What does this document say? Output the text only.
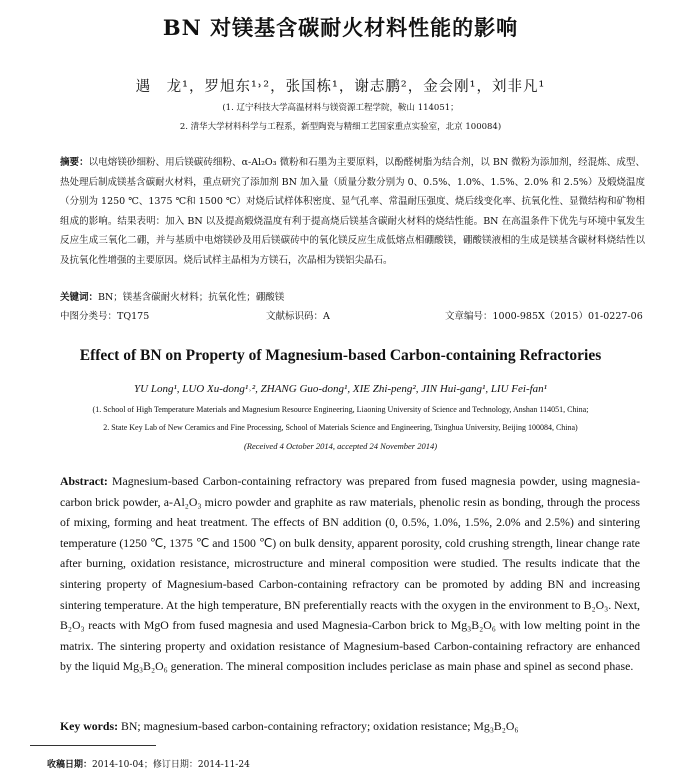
BN 对镁基含碳耐火材料性能的影响
遇　龙¹，罗旭东¹˒²，张国栋¹，谢志鹏²，金会刚¹，刘非凡¹
(1. 辽宁科技大学高温材料与镁资源工程学院，鞍山 114051；
2. 清华大学材料科学与工程系，新型陶瓷与精细工艺国家重点实验室，北京 100084)
摘要：以电熔镁砂细粉、用后镁碳砖细粉、α-Al₂O₃ 微粉和石墨为主要原料，以酚醛树脂为结合剂，以 BN 微粉为添加剂，经混炼、成型、热处理后制成镁基含碳耐火材料，重点研究了添加剂 BN 加入量（质量分数分别为 0、0.5%、1.0%、1.5%、2.0% 和 2.5%）及煅烧温度（分别为 1250 ℃、1375 ℃和 1500 ℃）对烧后试样体积密度、显气孔率、常温耐压强度、烧后线变化率、抗氧化性、显微结构和矿物相组成的影响。结果表明：加入 BN 以及提高煅烧温度有利于提高烧后镁基含碳耐火材料的烧结性能。BN 在高温条件下优先与环境中氧发生反应生成三氧化二硼，并与基质中电熔镁砂及用后镁碳砖中的氧化镁反应生成低熔点相硼酸镁，硼酸镁液相的生成是镁基含碳材料烧结性以及抗氧化性增强的主要原因。烧后试样主晶相为方镁石，次晶相为镁铝尖晶石。
关键词：BN；镁基含碳耐火材料；抗氧化性；硼酸镁
中图分类号：TQ175	文献标识码：A	文章编号：1000-985X（2015）01-0227-06
Effect of BN on Property of Magnesium-based Carbon-containing Refractories
YU Long¹, LUO Xu-dong¹˒², ZHANG Guo-dong¹, XIE Zhi-peng², JIN Hui-gang¹, LIU Fei-fan¹
(1. School of High Temperature Materials and Magnesium Resource Engineering, Liaoning University of Science and Technology, Anshan 114051, China;
2. State Key Lab of New Ceramics and Fine Processing, School of Materials Science and Engineering, Tsinghua University, Beijing 100084, China)
(Received 4 October 2014, accepted 24 November 2014)
Abstract: Magnesium-based Carbon-containing refractory was prepared from fused magnesia powder, using magnesia-carbon brick powder, a-Al₂O₃ micro powder and graphite as raw materials, phenolic resin as bonding, through the process of mixing, forming and heat treatment. The effects of BN addition (0, 0.5%, 1.0%, 1.5%, 2.0% and 2.5%) and sintering temperature (1250 ℃, 1375 ℃ and 1500 ℃) on bulk density, apparent porosity, cold crushing strength, linear change rate after burning, oxidation resistance, microstructure and mineral composition were studied. The results indicate that the sintering property of Magnesium-based Carbon-containing refractory can be promoted by adding BN and increasing sintering temperature. At the high temperature, BN preferentially reacts with the oxygen in the environment to B₂O₃. Next, B₂O₃ reacts with MgO from fused magnesia and used Magnesia-Carbon brick to Mg₃B₂O₆ with low melting point in the matrix. The sintering property and oxidation resistance of Magnesium-based Carbon-containing refractory are enhanced by the liquid Mg₃B₂O₆ generation. The mineral composition includes periclase as main phase and spinel as second phase.
Key words: BN; magnesium-based carbon-containing refractory; oxidation resistance; Mg₃B₂O₆
收稿日期：2014-10-04；修订日期：2014-11-24
